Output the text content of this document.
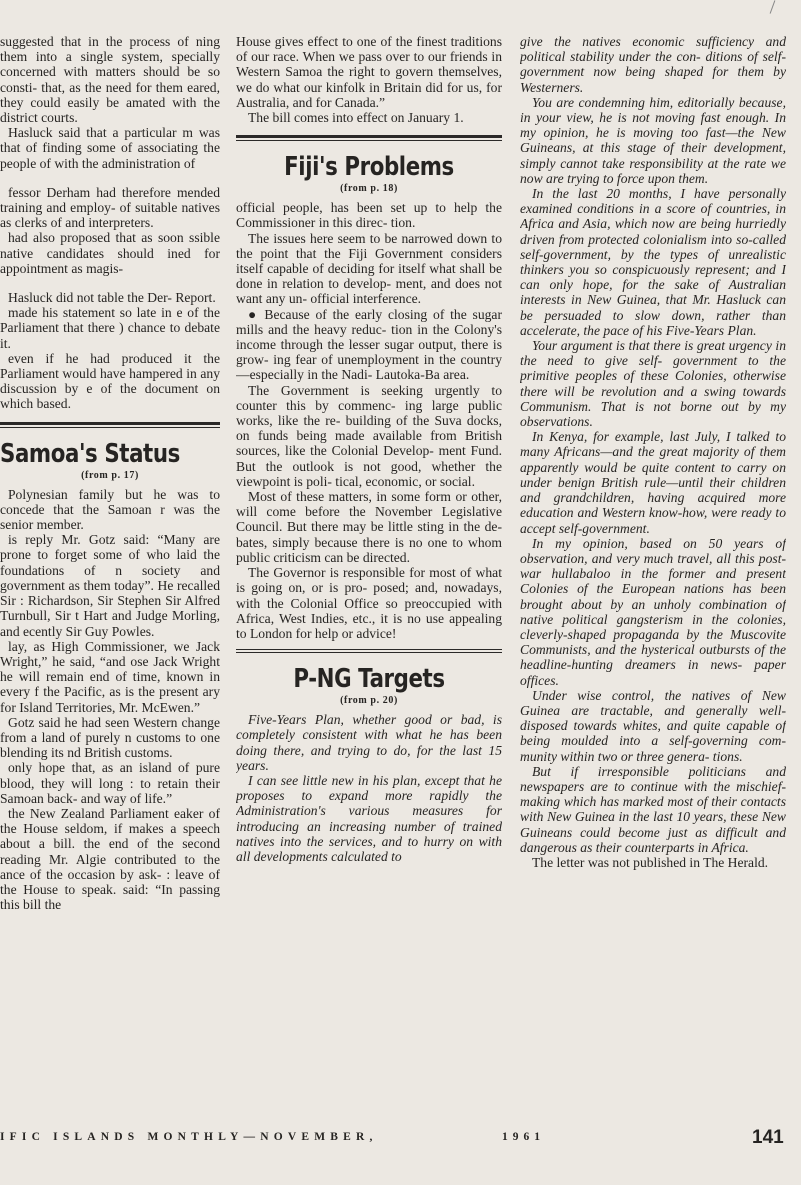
suggested that in the process of ning them into a single system, specially concerned with matters should be so consti- that, as the need for them eared, they could easily be amated with the district courts.

Hasluck said that a particular m was that of finding some of associating the people of with the administration of

fessor Derham had therefore mended training and employ- of suitable natives as clerks of and interpreters.

had also proposed that as soon ssible native candidates should ined for appointment as magis-

Hasluck did not table the Der- Report.

made his statement so late in e of the Parliament that there ) chance to debate it.

even if he had produced it the Parliament would have hampered in any discussion by e of the document on which based.

Samoa's Status
(from p. 17)

Polynesian family but he was to concede that the Samoan r was the senior member.

is reply Mr. Gotz said: “Many are prone to forget some of who laid the foundations of n society and government as them today”. He recalled Sir : Richardson, Sir Stephen Sir Alfred Turnbull, Sir t Hart and Judge Morling, and ecently Sir Guy Powles.

lay, as High Commissioner, we Jack Wright,” he said, “and ose Jack Wright he will remain end of time, known in every f the Pacific, as is the present ary for Island Territories, Mr. McEwen.”

Gotz said he had seen Western change from a land of purely n customs to one blending its nd British customs.

only hope that, as an island of pure blood, they will long : to retain their Samoan back- and way of life.”

the New Zealand Parliament eaker of the House seldom, if makes a speech about a bill. the end of the second reading Mr. Algie contributed to the ance of the occasion by ask- : leave of the House to speak. said: “In passing this bill the

House gives effect to one of the finest traditions of our race. When we pass over to our friends in Western Samoa the right to govern themselves, we do what our kinfolk in Britain did for us, for Australia, and for Canada.”

The bill comes into effect on January 1.

Fiji's Problems
(from p. 18)

official people, has been set up to help the Commissioner in this direc- tion.

The issues here seem to be narrowed down to the point that the Fiji Government considers itself capable of deciding for itself what shall be done in relation to develop- ment, and does not want any un- official interference.

● Because of the early closing of the sugar mills and the heavy reduc- tion in the Colony's income through the lesser sugar output, there is grow- ing fear of unemployment in the country—especially in the Nadi- Lautoka-Ba area.

The Government is seeking urgently to counter this by commenc- ing large public works, like the re- building of the Suva docks, on funds being made available from British sources, like the Colonial Develop- ment Fund. But the outlook is not good, whether the viewpoint is poli- tical, economic, or social.

Most of these matters, in some form or other, will come before the November Legislative Council. But there may be little sting in the de- bates, simply because there is no one to whom public criticism can be directed.

The Governor is responsible for most of what is going on, or is pro- posed; and, nowadays, with the Colonial Office so preoccupied with Africa, West Indies, etc., it is no use appealing to London for help or advice!

P-NG Targets
(from p. 20)

Five-Years Plan, whether good or bad, is completely consistent with what he has been doing there, and trying to do, for the last 15 years.

I can see little new in his plan, except that he proposes to expand more rapidly the Administration's various measures for introducing an increasing number of trained natives into the services, and to hurry on with all developments calculated to

give the natives economic sufficiency and political stability under the con- ditions of self-government now being shaped for them by Westerners.

You are condemning him, editorially because, in your view, he is not moving fast enough. In my opinion, he is moving too fast—the New Guineans, at this stage of their development, simply cannot take responsibility at the rate we now are trying to force upon them.

In the last 20 months, I have personally examined conditions in a score of countries, in Africa and Asia, which now are being hurriedly driven from protected colonialism into so-called self-government, by the types of unrealistic thinkers you so conspicuously represent; and I can only hope, for the sake of Australian interests in New Guinea, that Mr. Hasluck can be persuaded to slow down, rather than accelerate, the pace of his Five-Years Plan.

Your argument is that there is great urgency in the need to give self- government to the primitive peoples of these Colonies, otherwise there will be revolution and a swing towards Communism. That is not borne out by my observations.

In Kenya, for example, last July, I talked to many Africans—and the great majority of them apparently would be quite content to carry on under benign British rule—until their children and grandchildren, having acquired more education and Western know-how, were ready to accept self-government.

In my opinion, based on 50 years of observation, and very much travel, all this post-war hullabaloo in the former and present Colonies of the European nations has been brought about by an unholy combination of native political gangsterism in the colonies, cleverly-shaped propaganda by the Muscovite Communists, and the hysterical outbursts of the headline-hunting dreamers in news- paper offices.

Under wise control, the natives of New Guinea are tractable, and generally well-disposed towards whites, and quite capable of being moulded into a self-governing com- munity within two or three genera- tions.

But if irresponsible politicians and newspapers are to continue with the mischief-making which has marked most of their contacts with New Guinea in the last 10 years, these New Guineans could become just as difficult and dangerous as their counterparts in Africa.

The letter was not published in The Herald.

IFIC ISLANDS MONTHLY—NOVEMBER,	1961	141
